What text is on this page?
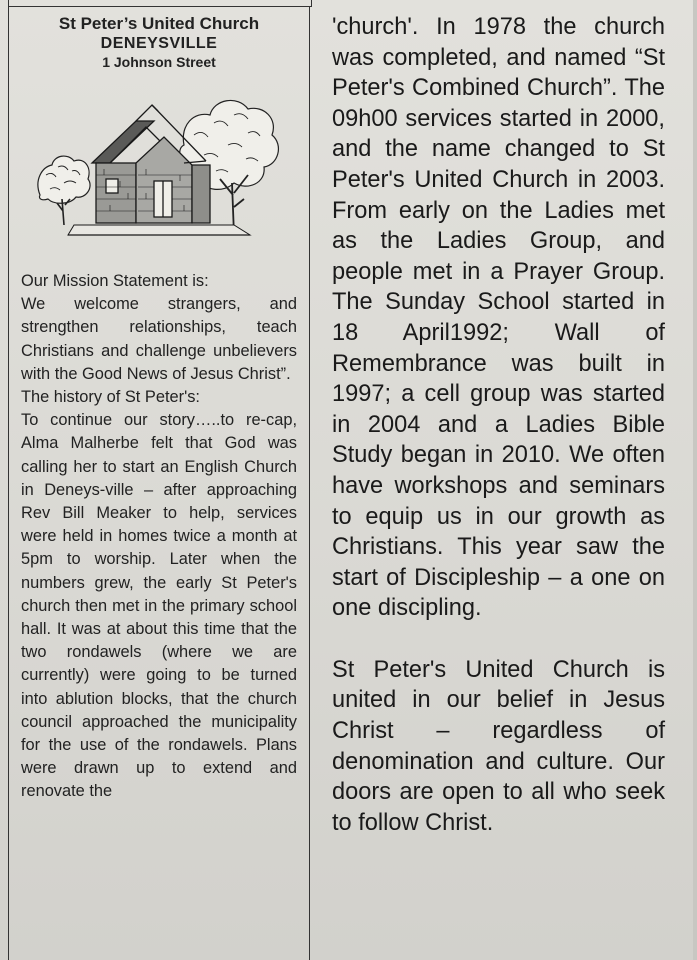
St Peter’s United Church
DENEYSVILLE
1 Johnson Street

Our Mission Statement is:

We welcome strangers, and strengthen relationships, teach Christians and challenge unbelievers with the Good News of Jesus Christ”.

The history of St Peter's:

To continue our story…..to re-cap, Alma Malherbe felt that God was calling her to start an English Church in Deneys-ville – after approaching Rev Bill Meaker to help, services were held in homes twice a month at 5pm to worship. Later when the numbers grew, the early St Peter's church then met in the primary school hall. It was at about this time that the two rondawels (where we are currently) were going to be turned into ablution blocks, that the church council approached the municipality for the use of the rondawels. Plans were drawn up to extend and renovate the

'church'. In 1978 the church was completed, and named “St Peter's Combined Church”. The 09h00 services started in 2000, and the name changed to St Peter's United Church in 2003. From early on the Ladies met as the Ladies Group, and people met in a Prayer Group. The Sunday School started in 18 April1992; Wall of Remembrance was built in 1997; a cell group was started in 2004 and a Ladies Bible Study began in 2010. We often have workshops and seminars to equip us in our growth as Christians. This year saw the start of Discipleship – a one on one discipling.

St Peter's United Church is united in our belief in Jesus Christ – regardless of denomination and culture. Our doors are open to all who seek to follow Christ.
